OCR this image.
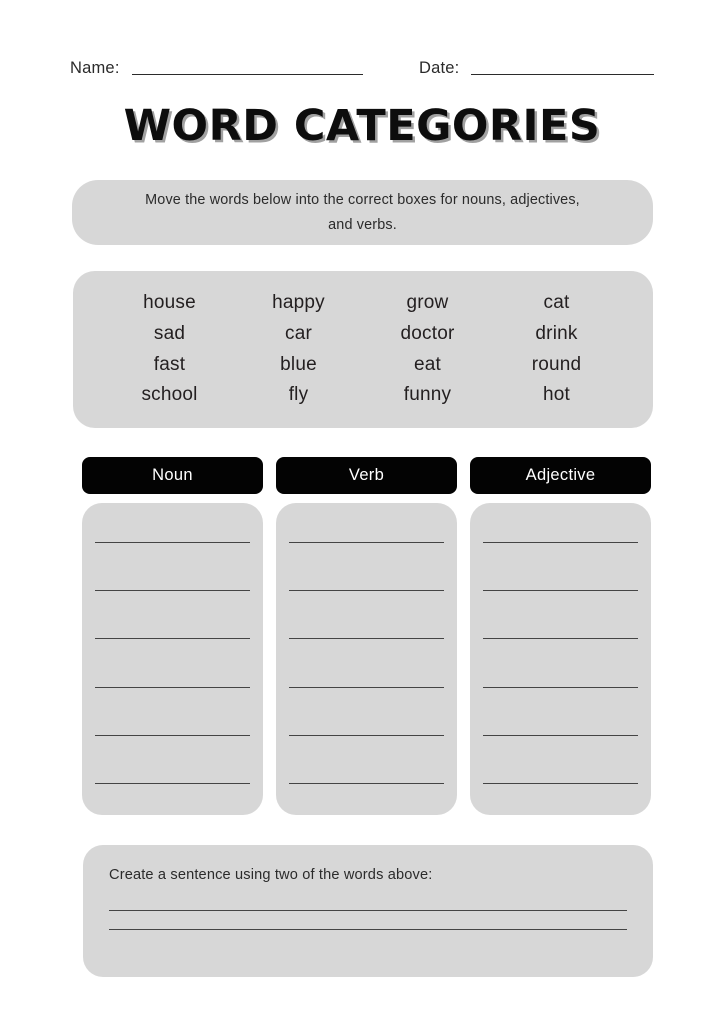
Name:	Date:
WORD CATEGORIES
Move the words below into the correct boxes for nouns, adjectives, and verbs.
house
sad
fast
school
happy
car
blue
fly
grow
doctor
eat
funny
cat
drink
round
hot
Noun	Verb	Adjective
Create a sentence using two of the words above:
